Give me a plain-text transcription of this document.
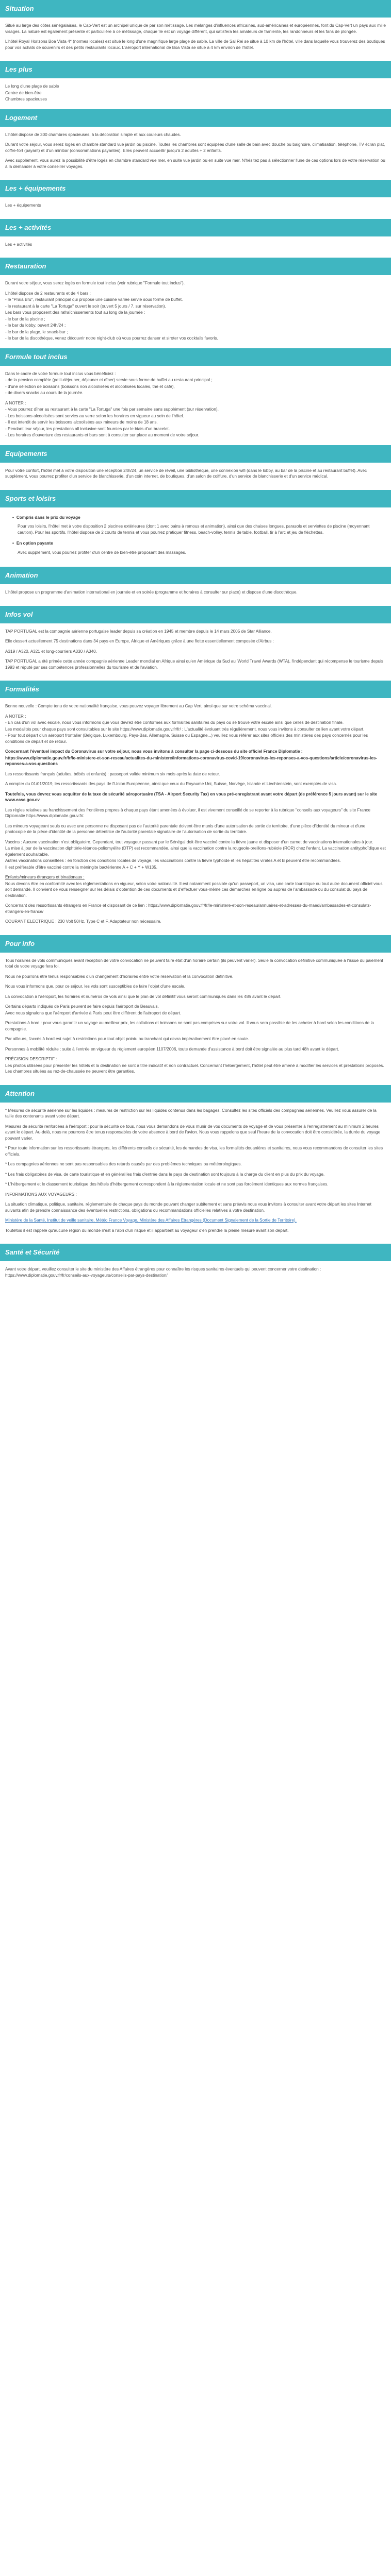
Situation

Situé au large des côtes sénégalaises, le Cap-Vert est un archipel unique de par son métissage. Les mélanges d'influences africaines, sud-américaines et européennes, font du Cap-Vert un pays aux mille visages. La nature est également présente et particulière à ce métissage, chaque île est un voyage différent, qui satisfera les amateurs de farniente, les randonneurs et les fans de plongée.

L'hôtel Royal Horizons Boa Vista 4* (normes locales) est situé le long d'une magnifique large plage de sable. La ville de Sal Rei se situe à 10 km de l'hôtel, ville dans laquelle vous trouverez des boutiques pour vos achats de souvenirs et des petits restaurants locaux. L'aéroport international de Boa Vista se situe à 4 km environ de l'hôtel.

Les plus

Le long d'une plage de sable

Centre de bien-être

Chambres spacieuses

Logement

L'hôtel dispose de 300 chambres spacieuses, à la décoration simple et aux couleurs chaudes.

Durant votre séjour, vous serez logés en chambre standard vue jardin ou piscine. Toutes les chambres sont équipées d'une salle de bain avec douche ou baignoire, climatisation, téléphone, TV écran plat, coffre-fort (payant) et d'un minibar (consommations payantes). Elles peuvent accueillir jusqu'à 2 adultes + 2 enfants.

Avec supplément, vous aurez la possibilité d'être logés en chambre standard vue mer, en suite vue jardin ou en suite vue mer. N'hésitez pas à sélectionner l'une de ces options lors de votre réservation ou à la demander à votre conseiller voyages.

Les + équipements

Les + équipements

Les + activités

Les + activités

Restauration

Durant votre séjour, vous serez logés en formule tout inclus (voir rubrique "Formule tout inclus").

L'hôtel dispose de 2 restaurants et de 4 bars :

- le "Praia Bru", restaurant principal qui propose une cuisine variée servie sous forme de buffet.

- le restaurant à la carte "La Tortuga" ouvert le soir (ouvert 5 jours / 7, sur réservation).

Les bars vous proposent des rafraîchissements tout au long de la journée :

- le bar de la piscine ;

- le bar du lobby, ouvert 24h/24 ;

- le bar de la plage, le snack-bar ;

- le bar de la discothèque, venez découvrir notre night-club où vous pourrez danser et siroter vos cocktails favoris.

Formule tout inclus

Dans le cadre de votre formule tout inclus vous bénéficiez :

- de la pension complète (petit-déjeuner, déjeuner et dîner) servie sous forme de buffet au restaurant principal ;

- d'une sélection de boissons (boissons non alcoolisées et alcoolisées locales, thé et café),

- de divers snacks au cours de la journée.

A NOTER :

- Vous pourrez dîner au restaurant à la carte "La Tortuga" une fois par semaine sans supplément (sur réservation).

- Les boissons alcoolisées sont servies au verre selon les horaires en vigueur au sein de l'hôtel.

- Il est interdit de servir les boissons alcoolisées aux mineurs de moins de 18 ans.

- Pendant leur séjour, les prestations all inclusive sont fournies par le biais d'un bracelet.

- Les horaires d'ouverture des restaurants et bars sont à consulter sur place au moment de votre séjour.

Equipements

Pour votre confort, l'hôtel met à votre disposition une réception 24h/24, un service de réveil, une bibliothèque, une connexion wifi (dans le lobby, au bar de la piscine et au restaurant buffet). Avec supplément, vous pourrez profiter d'un service de blanchisserie, d'un coin internet, de boutiques, d'un salon de coiffure, d'un service de blanchisserie et d'un service médical.

Sports et loisirs
• Compris dans le prix du voyage
Pour vos loisirs, l'hôtel met à votre disposition 2 piscines extérieures (dont 1 avec bains à remous et animation), ainsi que des chaises longues, parasols et serviettes de piscine (moyennant caution). Pour les sportifs, l'hôtel dispose de 2 courts de tennis et vous pourrez pratiquer fitness, beach-volley, tennis de table, football, tir à l'arc et jeu de fléchettes.
• En option payante
Avec supplément, vous pourrez profiter d'un centre de bien-être proposant des massages.
Animation

L'hôtel propose un programme d'animation international en journée et en soirée (programme et horaires à consulter sur place) et dispose d'une discothèque.

Infos vol

TAP PORTUGAL est la compagnie aérienne portugaise leader depuis sa création en 1945 et membre depuis le 14 mars 2005 de Star Alliance.

Elle dessert actuellement 75 destinations dans 34 pays en Europe, Afrique et Amériques grâce à une flotte essentiellement composée d'Airbus :

A319 / A320, A321 et long-courriers A330 / A340.

TAP PORTUGAL a été primée cette année compagnie aérienne Leader mondial en Afrique ainsi qu'en Amérique du Sud au 'World Travel Awards (WTA), l'indépendant qui récompense le tourisme depuis 1993 et réputé par ses compétences professionnelles du tourisme et de l'aviation.

Formalités

Bonne nouvelle : Compte tenu de votre nationalité française, vous pouvez voyager librement au Cap Vert, ainsi que sur votre schéma vaccinal.

A NOTER :

- En cas d'un vol avec escale, nous vous informons que vous devrez être conformes aux formalités sanitaires du pays où se trouve votre escale ainsi que celles de destination finale.

Les modalités pour chaque pays sont consultables sur le site https://www.diplomatie.gouv.fr/fr/ ; L'actualité évoluant très régulièrement, nous vous invitons à consulter ce lien avant votre départ.

- Pour tout départ d'un aéroport frontalier (Belgique, Luxembourg, Pays-Bas, Allemagne, Suisse ou Espagne...) veuillez vous référer aux sites officiels des ministères des pays concernés pour les conditions de départ et de retour.

Concernant l'éventuel impact du Coronavirus sur votre séjour, nous vous invitons à consulter la page ci-dessous du site officiel France Diplomatie :

https://www.diplomatie.gouv.fr/fr/le-ministere-et-son-reseau/actualites-du-ministere/informations-coronavirus-covid-19/coronavirus-les-reponses-a-vos-questions/article/coronavirus-les-reponses-a-vos-questions

Les ressortissants français (adultes, bébés et enfants) : passeport valide minimum six mois après la date de retour.

A compter du 01/01/2019, les ressortissants des pays de l'Union Européenne, ainsi que ceux du Royaume Uni, Suisse, Norvège, Islande et Liechtenstein, sont exemptés de visa.

Toutefois, vous devrez vous acquitter de la taxe de sécurité aéroportuaire (TSA - Airport Security Tax) en vous pré-enregistrant avant votre départ (de préférence 5 jours avant) sur le site www.ease.gov.cv

Les règles relatives au franchissement des frontières propres à chaque pays étant amenées à évoluer, il est vivement conseillé de se reporter à la rubrique "conseils aux voyageurs" du site France Diplomatie https://www.diplomatie.gouv.fr/.

Les mineurs voyageant seuls ou avec une personne ne disposant pas de l'autorité parentale doivent être munis d'une autorisation de sortie de territoire, d'une pièce d'identité du mineur et d'une photocopie de la pièce d'identité de la personne détentrice de l'autorité parentale signataire de l'autorisation de sortie du territoire.

Vaccins : Aucune vaccination n'est obligatoire. Cependant, tout voyageur passant par le Sénégal doit être vacciné contre la fièvre jaune et disposer d'un carnet de vaccinations internationales à jour.

La mise à jour de la vaccination diphtérie-tétanos-poliomyélite (DTP) est recommandée, ainsi que la vaccination contre la rougeole-oreillons-rubéole (ROR) chez l'enfant. La vaccination antityphoïdique est également souhaitable.

Autres vaccinations conseillées : en fonction des conditions locales de voyage, les vaccinations contre la fièvre typhoïde et les hépatites virales A et B peuvent être recommandées.

Il est préférable d'être vacciné contre la méningite bactérienne A + C + Y + W135.

Enfants/mineurs étrangers et binationaux :

Nous devons être en conformité avec les réglementations en vigueur, selon votre nationalité. Il est notamment possible qu'un passeport, un visa, une carte touristique ou tout autre document officiel vous soit demandé. Il convient de vous renseigner sur les délais d'obtention de ces documents et d'effectuer vous-même ces démarches en ligne ou auprès de l'ambassade ou du consulat du pays de destination.

Concernant des ressortissants étrangers en France et disposant de ce lien : https://www.diplomatie.gouv.fr/fr/le-ministere-et-son-reseau/annuaires-et-adresses-du-maedi/ambassades-et-consulats-etrangers-en-france/

COURANT ELECTRIQUE : 230 Volt 50Hz. Type C et F. Adaptateur non nécessaire.

Pour info

Tous horaires de vols communiqués avant réception de votre convocation ne peuvent faire état d'un horaire certain (ils peuvent varier). Seule la convocation définitive communiquée à l'issue du paiement total de votre voyage fera foi.

Nous ne pourrons être tenus responsables d'un changement d'horaires entre votre réservation et la convocation définitive.

Nous vous informons que, pour ce séjour, les vols sont susceptibles de faire l'objet d'une escale.

La convocation à l'aéroport, les horaires et numéros de vols ainsi que le plan de vol définitif vous seront communiqués dans les 48h avant le départ.

Certains départs indiqués de Paris peuvent se faire depuis l'aéroport de Beauvais.

Avec nous signalons que l'aéroport d'arrivée à Paris peut être différent de l'aéroport de départ.

Prestations à bord : pour vous garantir un voyage au meilleur prix, les collations et boissons ne sont pas comprises sur votre vol. Il vous sera possible de les acheter à bord selon les conditions de la compagnie.

Par ailleurs, l'accès à bord est sujet à restrictions pour tout objet pointu ou tranchant qui devra impérativement être placé en soute.

Personnes à mobilité réduite : suite à l'entrée en vigueur du règlement européen 1107/2006, toute demande d'assistance à bord doit être signalée au plus tard 48h avant le départ.

PRÉCISION DESCRIPTIF :

Les photos utilisées pour présenter les hôtels et la destination ne sont à titre indicatif et non contractuel. Concernant l'hébergement, l'hôtel peut être amené à modifier les services et prestations proposés. Les chambres situées au rez-de-chaussée ne peuvent être garanties.

Attention

* Mesures de sécurité aérienne sur les liquides : mesures de restriction sur les liquides contenus dans les bagages. Consultez les sites officiels des compagnies aériennes. Veuillez vous assurer de la taille des contenants avant votre départ.

Mesures de sécurité renforcées à l'aéroport : pour la sécurité de tous, nous vous demandons de vous munir de vos documents de voyage et de vous présenter à l'enregistrement au minimum 2 heures avant le départ. Au-delà, nous ne pourrons être tenus responsables de votre absence à bord de l'avion. Nous vous rappelons que seul l'heure de la convocation doit être considérée, la durée du voyage pouvant varier.

* Pour toute information sur les ressortissants étrangers, les différents conseils de sécurité, les demandes de visa, les formalités douanières et sanitaires, nous vous recommandons de consulter les sites officiels.

* Les compagnies aériennes ne sont pas responsables des retards causés par des problèmes techniques ou météorologiques.

* Les frais obligatoires de visa, de carte touristique et en général les frais d'entrée dans le pays de destination sont toujours à la charge du client en plus du prix du voyage.

* L'hébergement et le classement touristique des hôtels d'hébergement correspondent à la réglementation locale et ne sont pas forcément identiques aux normes françaises.

INFORMATIONS AUX VOYAGEURS :

La situation climatique, politique, sanitaire, réglementaire de chaque pays du monde pouvant changer subitement et sans préavis nous vous invitons à consulter avant votre départ les sites Internet suivants afin de prendre connaissance des éventuelles restrictions, obligations ou recommandations officielles relatives à votre destination.

Ministère de la Santé, Institut de veille sanitaire, Météo France Voyage, Ministère des Affaires Etrangères (Document Signalement de la Sortie de Territoire).

Toutefois il est rappelé qu'aucune région du monde n'est à l'abri d'un risque et il appartient au voyageur d'en prendre la pleine mesure avant son départ.

Santé et Sécurité

Avant votre départ, veuillez consulter le site du ministère des Affaires étrangères pour connaître les risques sanitaires éventuels qui peuvent concerner votre destination : https://www.diplomatie.gouv.fr/fr/conseils-aux-voyageurs/conseils-par-pays-destination/
